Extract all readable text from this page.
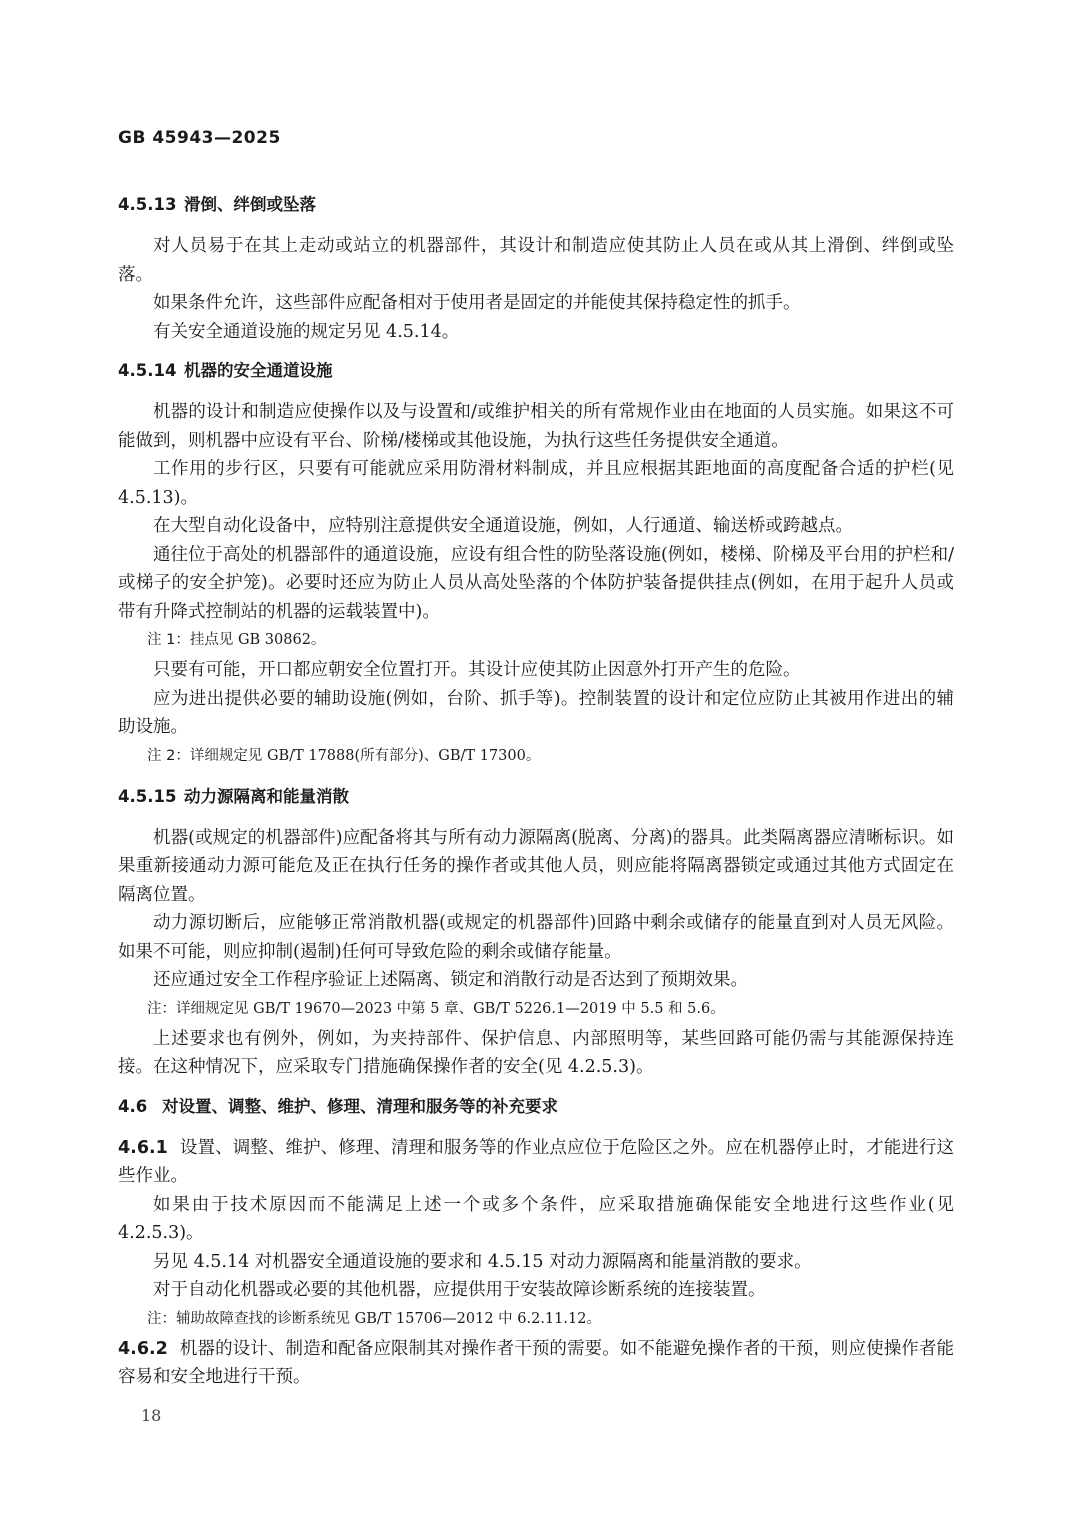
GB 45943—2025
4.5.13 滑倒、绊倒或坠落

对人员易于在其上走动或站立的机器部件，其设计和制造应使其防止人员在或从其上滑倒、绊倒或坠落。

如果条件允许，这些部件应配备相对于使用者是固定的并能使其保持稳定性的抓手。

有关安全通道设施的规定另见 4.5.14。

4.5.14 机器的安全通道设施

机器的设计和制造应使操作以及与设置和/或维护相关的所有常规作业由在地面的人员实施。如果这不可能做到，则机器中应设有平台、阶梯/楼梯或其他设施，为执行这些任务提供安全通道。

工作用的步行区，只要有可能就应采用防滑材料制成，并且应根据其距地面的高度配备合适的护栏(见 4.5.13)。

在大型自动化设备中，应特别注意提供安全通道设施，例如，人行通道、输送桥或跨越点。

通往位于高处的机器部件的通道设施，应设有组合性的防坠落设施(例如，楼梯、阶梯及平台用的护栏和/或梯子的安全护笼)。必要时还应为防止人员从高处坠落的个体防护装备提供挂点(例如，在用于起升人员或带有升降式控制站的机器的运载装置中)。

注 1：挂点见 GB 30862。

只要有可能，开口都应朝安全位置打开。其设计应使其防止因意外打开产生的危险。

应为进出提供必要的辅助设施(例如，台阶、抓手等)。控制装置的设计和定位应防止其被用作进出的辅助设施。

注 2：详细规定见 GB/T 17888(所有部分)、GB/T 17300。

4.5.15 动力源隔离和能量消散

机器(或规定的机器部件)应配备将其与所有动力源隔离(脱离、分离)的器具。此类隔离器应清晰标识。如果重新接通动力源可能危及正在执行任务的操作者或其他人员，则应能将隔离器锁定或通过其他方式固定在隔离位置。

动力源切断后，应能够正常消散机器(或规定的机器部件)回路中剩余或储存的能量直到对人员无风险。如果不可能，则应抑制(遏制)任何可导致危险的剩余或储存能量。

还应通过安全工作程序验证上述隔离、锁定和消散行动是否达到了预期效果。

注：详细规定见 GB/T 19670—2023 中第 5 章、GB/T 5226.1—2019 中 5.5 和 5.6。

上述要求也有例外，例如，为夹持部件、保护信息、内部照明等，某些回路可能仍需与其能源保持连接。在这种情况下，应采取专门措施确保操作者的安全(见 4.2.5.3)。

4.6 对设置、调整、维护、修理、清理和服务等的补充要求

4.6.1 设置、调整、维护、修理、清理和服务等的作业点应位于危险区之外。应在机器停止时，才能进行这些作业。

如果由于技术原因而不能满足上述一个或多个条件，应采取措施确保能安全地进行这些作业(见 4.2.5.3)。

另见 4.5.14 对机器安全通道设施的要求和 4.5.15 对动力源隔离和能量消散的要求。

对于自动化机器或必要的其他机器，应提供用于安装故障诊断系统的连接装置。

注：辅助故障查找的诊断系统见 GB/T 15706—2012 中 6.2.11.12。

4.6.2 机器的设计、制造和配备应限制其对操作者干预的需要。如不能避免操作者的干预，则应使操作者能容易和安全地进行干预。

18
